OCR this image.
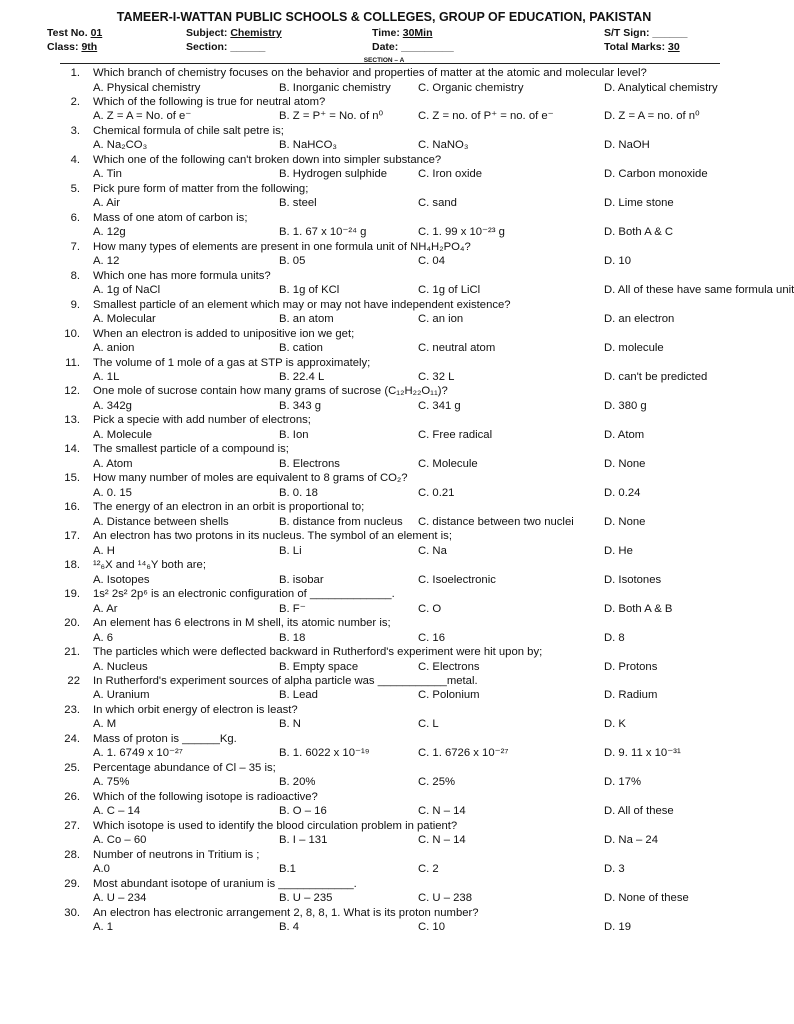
TAMEER-I-WATTAN PUBLIC SCHOOLS & COLLEGES, GROUP OF EDUCATION, PAKISTAN
Test No. 01	Subject: Chemistry	Time: 30Min	S/T Sign: ______
Class: 9th	Section: ______	Date: _________	Total Marks: 30
SECTION – A
1. Which branch of chemistry focuses on the behavior and properties of matter at the atomic and molecular level?
A. Physical chemistry	B. Inorganic chemistry C. Organic chemistry	D. Analytical chemistry
2. Which of the following is true for neutral atom?
A. Z = A = No. of e⁻	B. Z = P⁺ = No. of n⁰	C. Z = no. of P⁺ = no. of e⁻	D. Z = A = no. of n⁰
3. Chemical formula of chile salt petre is;
A. Na₂CO₃	B. NaHCO₃	C. NaNO₃	D. NaOH
4. Which one of the following can't broken down into simpler substance?
A. Tin	B. Hydrogen sulphide	C. Iron oxide	D. Carbon monoxide
5. Pick pure form of matter from the following;
A. Air	B. steel	C. sand	D. Lime stone
6. Mass of one atom of carbon is;
A. 12g	B. 1. 67 x 10⁻²⁴ g	C. 1. 99 x 10⁻²³ g	D. Both A & C
7. How many types of elements are present in one formula unit of NH₄H₂PO₄?
A. 12	B. 05	C. 04	D. 10
8. Which one has more formula units?
A. 1g of NaCl	B. 1g of KCl	C. 1g of LiCl	D. All of these have same formula unit
9. Smallest particle of an element which may or may not have independent existence?
A. Molecular	B. an atom	C. an ion	D. an electron
10. When an electron is added to unipositive ion we get;
A. anion	B. cation	C. neutral atom	D. molecule
11. The volume of 1 mole of a gas at STP is approximately;
A. 1L	B. 22.4 L	C. 32 L	D. can't be predicted
12. One mole of sucrose contain how many grams of sucrose (C₁₂H₂₂O₁₁)?
A. 342g	B. 343 g	C. 341 g	D. 380 g
13. Pick a specie with add number of electrons;
A. Molecule	B. Ion	C. Free radical	D. Atom
14. The smallest particle of a compound is;
A. Atom	B. Electrons	C. Molecule	D. None
15. How many number of moles are equivalent to 8 grams of CO₂?
A. 0. 15	B. 0. 18	C. 0.21	D. 0.24
16. The energy of an electron in an orbit is proportional to;
A. Distance between shells	B. distance from nucleus C. distance between two nuclei	D. None
17. An electron has two protons in its nucleus. The symbol of an element is;
A. H	B. Li	C. Na	D. He
18. ¹²₆X and ¹⁴₆Y both are;
A. Isotopes	B. isobar	C. Isoelectronic	D. Isotones
19. 1s² 2s² 2p⁶ is an electronic configuration of _____________.
A. Ar	B. F⁻	C. O	D. Both A & B
20. An element has 6 electrons in M shell, its atomic number is;
A. 6	B. 18	C. 16	D. 8
21. The particles which were deflected backward in Rutherford's experiment were hit upon by;
A. Nucleus	B. Empty space	C. Electrons	D. Protons
22 In Rutherford's experiment sources of alpha particle was ___________metal.
A. Uranium	B. Lead	C. Polonium	D. Radium
23. In which orbit energy of electron is least?
A. M	B. N	C. L	D. K
24. Mass of proton is ______Kg.
A. 1. 6749 x 10⁻²⁷	B. 1. 6022 x 10⁻¹⁹	C. 1. 6726 x 10⁻²⁷	D. 9. 11 x 10⁻³¹
25. Percentage abundance of Cl – 35 is;
A. 75%	B. 20%	C. 25%	D. 17%
26. Which of the following isotope is radioactive?
A. C – 14	B. O – 16	C. N – 14	D. All of these
27. Which isotope is used to identify the blood circulation problem in patient?
A. Co – 60	B. I – 131	C. N – 14	D. Na – 24
28. Number of neutrons in Tritium is ;
A.0	B.1	C. 2	D. 3
29. Most abundant isotope of uranium is ____________.
A. U – 234	B. U – 235	C. U – 238	D. None of these
30. An electron has electronic arrangement 2, 8, 8, 1. What is its proton number?
A. 1	B. 4	C. 10	D. 19
